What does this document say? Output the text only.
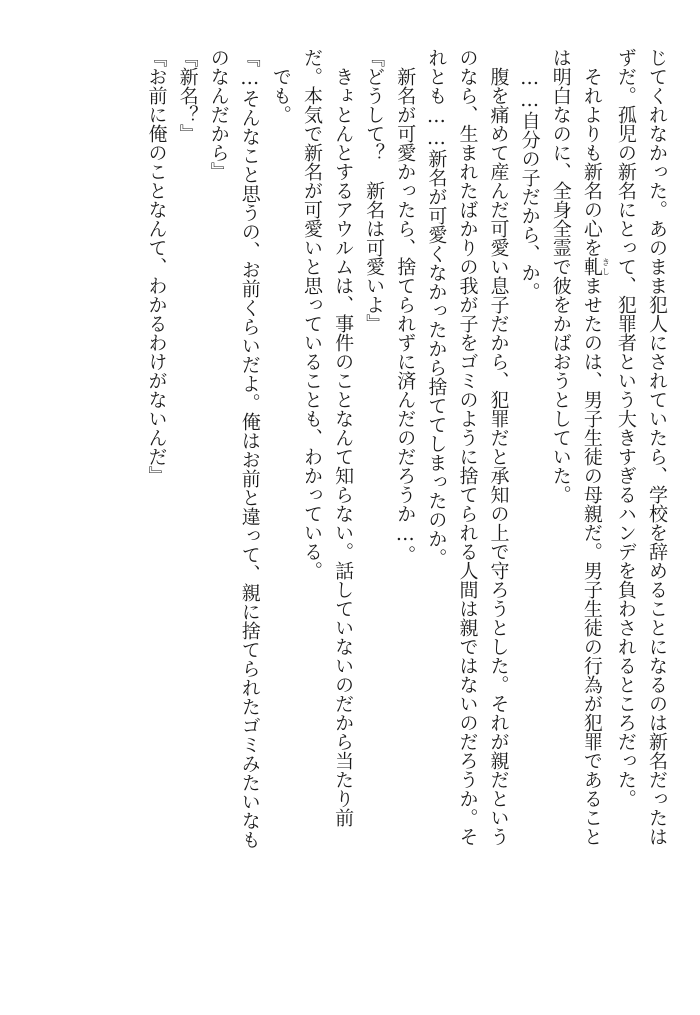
じてくれなかった。あのまま犯人にされていたら、学校を辞めることになるのは新名だったは
ずだ。孤児の新名にとって、犯罪者という大きすぎるハンデを負わされるところだった。
　それよりも新名の心を軋きしませたのは、男子生徒の母親だ。男子生徒の行為が犯罪であること
は明白なのに、全身全霊で彼をかばおうとしていた。
　……自分の子だから、か。
　腹を痛めて産んだ可愛い息子だから、犯罪だと承知の上で守ろうとした。それが親だという
のなら、生まれたばかりの我が子をゴミのように捨てられる人間は親ではないのだろうか。そ
れとも……新名が可愛くなかったから捨ててしまったのか。
　新名が可愛かったら、捨てられずに済んだのだろうか…。
『どうして？　新名は可愛いよ』
　きょとんとするアウルムは、事件のことなんて知らない。話していないのだから当たり前
だ。本気で新名が可愛いと思っていることも、わかっている。
　でも。
『…そんなこと思うの、お前くらいだよ。俺はお前と違って、親に捨てられたゴミみたいなも
のなんだから』
『新名？』
『お前に俺のことなんて、わかるわけがないんだ』
